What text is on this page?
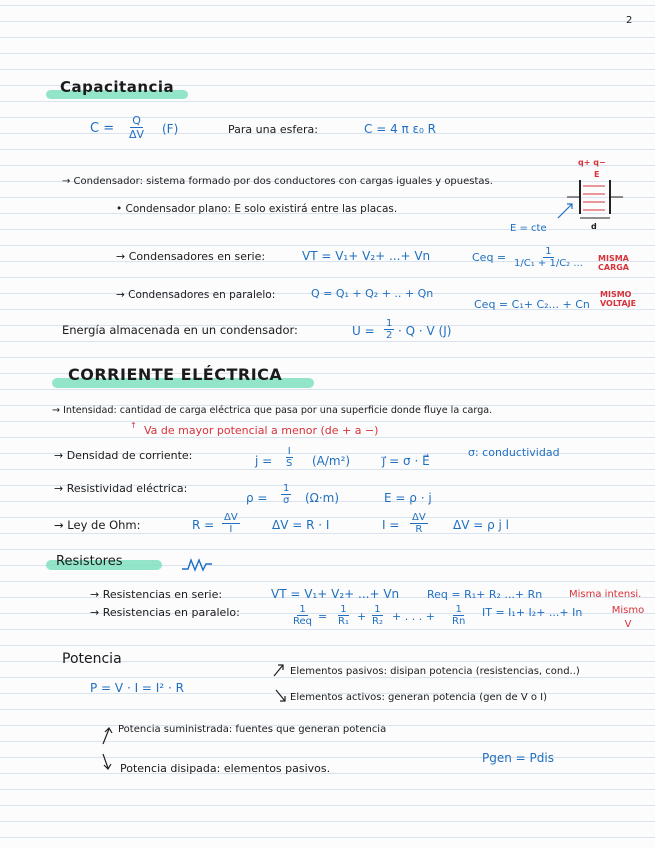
2
Capacitancia
$C = \frac{Q}{\Delta V} (F)$	Para una esfera:	C = 4 π ε₀ R
→ Condensador: sistema formado por dos conductores con cargas iguales y opuestas.
• Condensador plano: E solo existirá entre las placas.
q+ q−
E
d
E = cte
→ Condensadores en serie:	VT = V₁+ V₂+ ...+ Vn	Ceq = $\frac{1}{\text{1/C₁ + 1/C₂ ...}}$ MISMA CARGA
→ Condensadores en paralelo:	Q = Q₁ + Q₂ + .. + Qn
Ceq = C₁+ C₂... + Cn
MISMO VOLTAJE
Energía almacenada en un condensador:	$U = \frac{1}{2} \cdot Q \cdot V$ (J)
CORRIENTE ELÉCTRICA
→ Intensidad: cantidad de carga eléctrica que pasa por una superficie donde fluye la carga.
↑ Va de mayor potencial a menor (de + a −)
→ Densidad de corriente:	$j = \frac{I}{S} (A/m^2)$	j⃗ = σ · E⃗
σ: conductividad
→ Resistividad eléctrica:
$\rho = \frac{1}{\sigma} (\Omega\cdot m)$	E = ρ · j
→ Ley de Ohm:	$R = \frac{\Delta V}{I}$	ΔV = R · I	$I = \frac{\Delta V}{R}$ ΔV = ρ j l
Resistores
→ Resistencias en serie:	VT = V₁+ V₂+ ...+ Vn	Req = R₁+ R₂ ...+ Rn	Misma intensi.
→ Resistencias en paralelo:	1
Req = $\frac{1}{\text{R₁}} + \frac{1}{\text{R₂}}$ + . . . + $\frac{1}{Rn}$ IT = I₁+ I₂+ ...+ In	Mismo V
Potencia
P = V · I = I² · R
Elementos pasivos: disipan potencia (resistencias, cond..)
Elementos activos: generan potencia (gen de V o I)
Potencia suministrada: fuentes que generan potencia
Potencia disipada: elementos pasivos.
Pgen = Pdis
